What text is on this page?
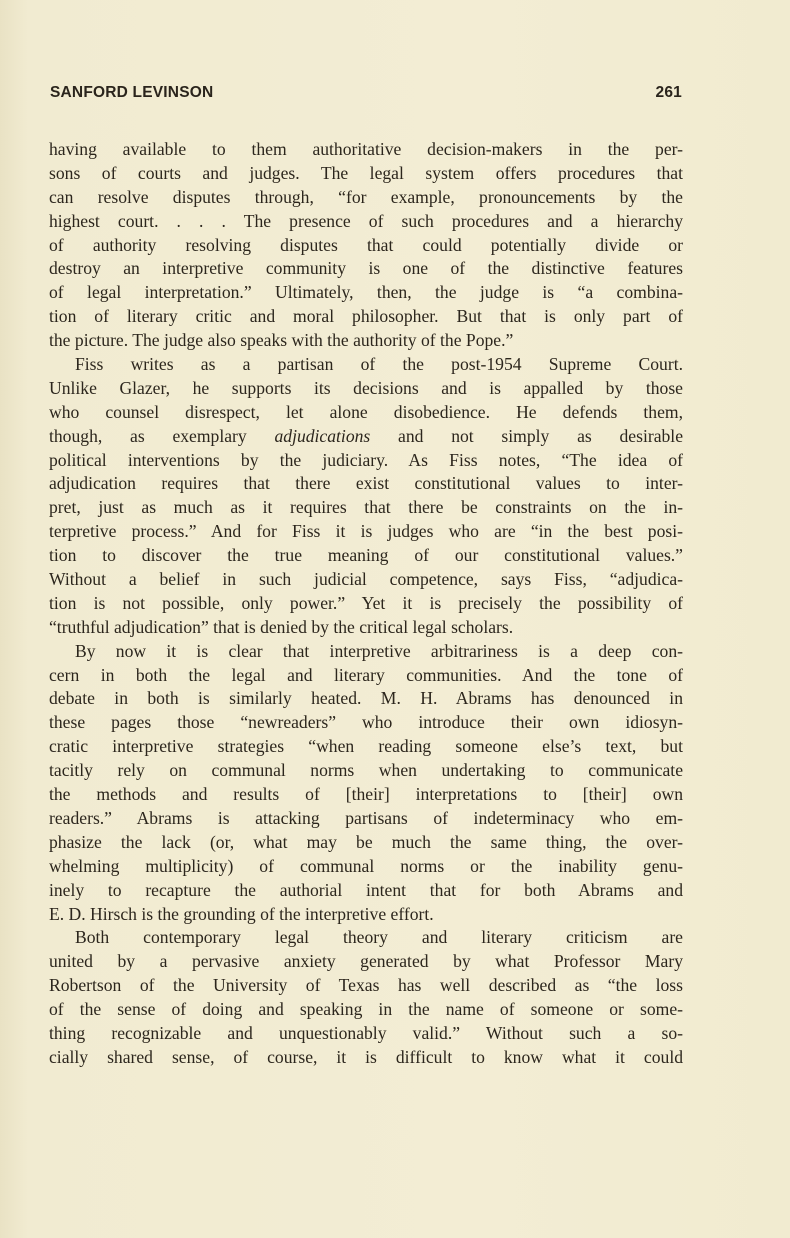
SANFORD LEVINSON	261
having available to them authoritative decision-makers in the per-
sons of courts and judges. The legal system offers procedures that
can resolve disputes through, “for example, pronouncements by the
highest court. . . . The presence of such procedures and a hierarchy
of authority resolving disputes that could potentially divide or
destroy an interpretive community is one of the distinctive features
of legal interpretation.” Ultimately, then, the judge is “a combina-
tion of literary critic and moral philosopher. But that is only part of
the picture. The judge also speaks with the authority of the Pope.”
Fiss writes as a partisan of the post-1954 Supreme Court.
Unlike Glazer, he supports its decisions and is appalled by those
who counsel disrespect, let alone disobedience. He defends them,
though, as exemplary adjudications and not simply as desirable
political interventions by the judiciary. As Fiss notes, “The idea of
adjudication requires that there exist constitutional values to inter-
pret, just as much as it requires that there be constraints on the in-
terpretive process.” And for Fiss it is judges who are “in the best posi-
tion to discover the true meaning of our constitutional values.”
Without a belief in such judicial competence, says Fiss, “adjudica-
tion is not possible, only power.” Yet it is precisely the possibility of
“truthful adjudication” that is denied by the critical legal scholars.
By now it is clear that interpretive arbitrariness is a deep con-
cern in both the legal and literary communities. And the tone of
debate in both is similarly heated. M. H. Abrams has denounced in
these pages those “newreaders” who introduce their own idiosyn-
cratic interpretive strategies “when reading someone else’s text, but
tacitly rely on communal norms when undertaking to communicate
the methods and results of [their] interpretations to [their] own
readers.” Abrams is attacking partisans of indeterminacy who em-
phasize the lack (or, what may be much the same thing, the over-
whelming multiplicity) of communal norms or the inability genu-
inely to recapture the authorial intent that for both Abrams and
E. D. Hirsch is the grounding of the interpretive effort.
Both contemporary legal theory and literary criticism are
united by a pervasive anxiety generated by what Professor Mary
Robertson of the University of Texas has well described as “the loss
of the sense of doing and speaking in the name of someone or some-
thing recognizable and unquestionably valid.” Without such a so-
cially shared sense, of course, it is difficult to know what it could
